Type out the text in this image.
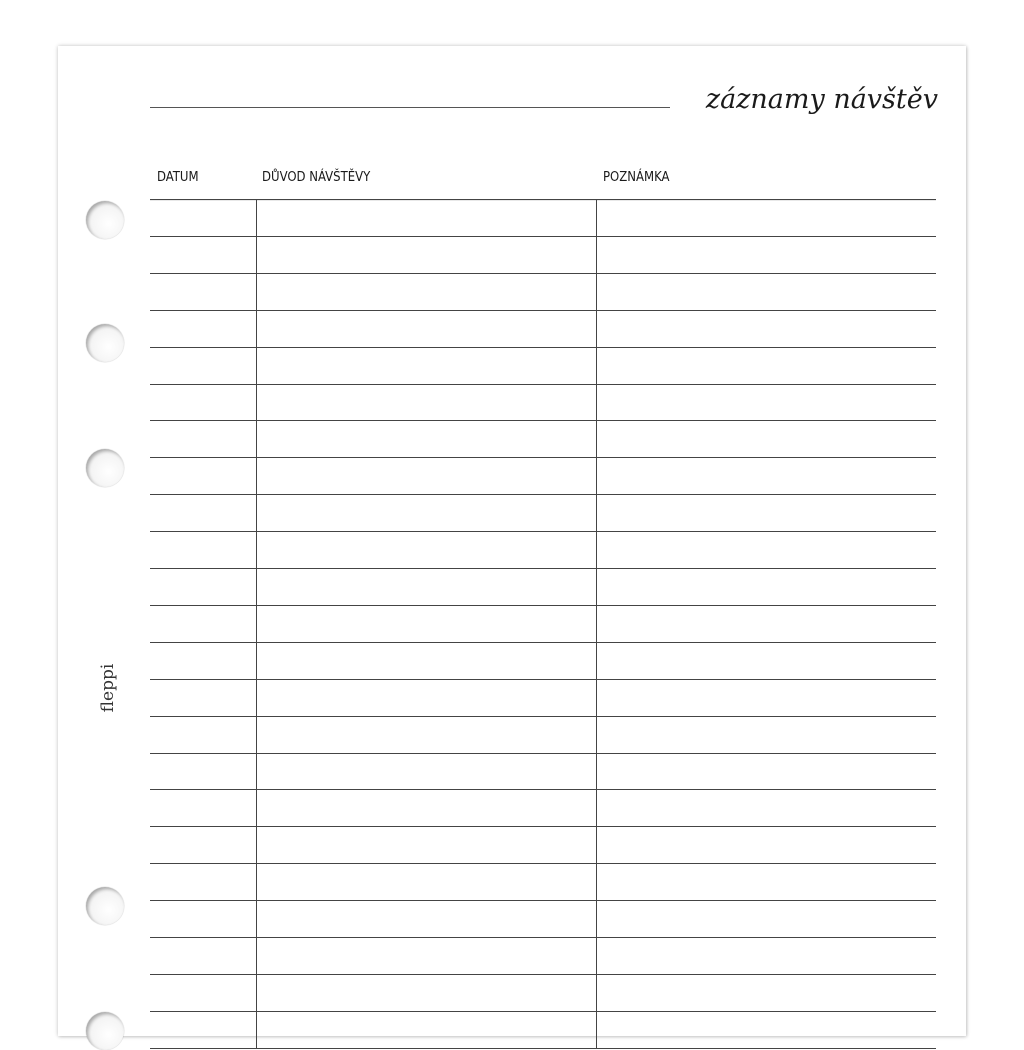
záznamy návštěv
DATUM	DŮVOD NÁVŠTĚVY	POZNÁMKA
fleppi
